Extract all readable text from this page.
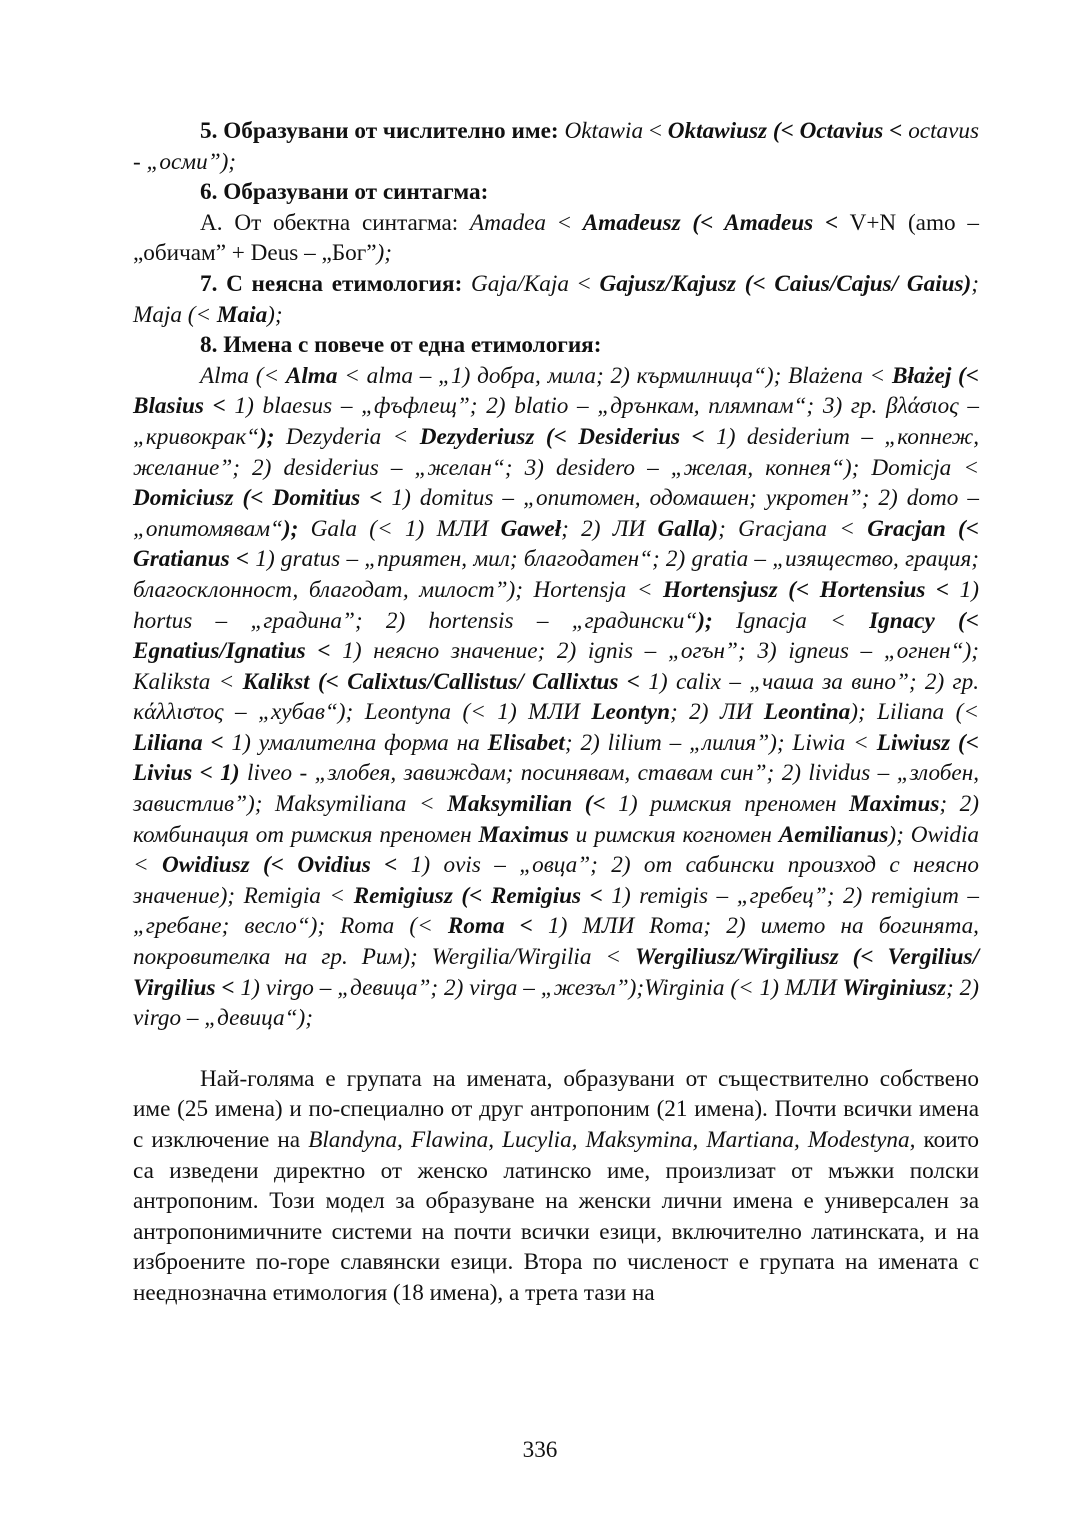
5. Образувани от числително име: Oktawia < Oktawiusz (< Octavius < octavus - „осми”);

6. Образувани от синтагма:

А. От обектна синтагма: Amadea < Amadeusz (< Amadeus < V+N (amo – „обичам” + Deus – „Бог”);

7. С неясна етимология: Gaja/Kaja < Gajusz/Kajusz (< Caius/Cajus/ Gaius); Maja (< Maia);

8. Имена с повече от една етимология:

Alma (< Alma < alma – „1) добра, мила; 2) кърмилница“); Blażena < Błażej (< Blasius < 1) blaesus – „фъфлещ”; 2) blatio – „дрънкам, плямпам“; 3) гр. βλάσιος – „кривокрак“); Dezyderia < Dezyderiusz (< Desiderius < 1) desiderium – „копнеж, желание”; 2) desiderius – „желан“; 3) desidero – „желая, копнея“); Domicja < Domiciusz (< Domitius < 1) domitus – „опитомен, одомашен; укротен”; 2) domo – „опитомявам“); Gala (< 1) МЛИ Gaweł; 2) ЛИ Galla); Gracjana < Gracjan (< Gratianus < 1) gratus – „приятен, мил; благодатен“; 2) gratia – „изящество, грация; благосклонност, благодат, милост”); Hortensja < Hortensjusz (< Hortensius < 1) hortus – „градина”; 2) hortensis – „градински“); Ignacja < Ignacy (< Egnatius/Ignatius < 1) неясно значение; 2) ignis – „огън”; 3) igneus – „огнен“); Kaliksta < Kalikst (< Calixtus/Callistus/ Callixtus < 1) calix – „чаша за вино”; 2) гр. κάλλιστος – „хубав“); Leontyna (< 1) МЛИ Leontyn; 2) ЛИ Leontina); Liliana (< Liliana < 1) умалителна форма на Elisabet; 2) lilium – „лилия”); Liwia < Liwiusz (< Livius < 1) liveo - „злобея, завиждам; посинявам, ставам син”; 2) lividus – „злобен, завистлив”); Maksymiliana < Maksymilian (< 1) римския преномен Maximus; 2) комбинация от римския преномен Maximus и римския когномен Aemilianus); Owidia < Owidiusz (< Ovidius < 1) ovis – „овца”; 2) от сабински произход с неясно значение); Remigia < Remigiusz (< Remigius < 1) remigis – „гребец”; 2) remigium – „гребане; весло“); Roma (< Roma < 1) МЛИ Roma; 2) името на богинята, покровителка на гр. Рим); Wergilia/Wirgilia < Wergiliusz/Wirgiliusz (< Vergilius/ Virgilius < 1) virgo – „девица”; 2) virga – „жезъл”);Wirginia (< 1) МЛИ Wirginiusz; 2) virgo – „девица“);

Най-голяма е групата на имената, образувани от съществително собствено име (25 имена) и по-специално от друг антропоним (21 имена). Почти всички имена с изключение на Blandyna, Flawina, Lucylia, Maksymina, Martiana, Modestyna, които са изведени директно от женско латинско име, произлизат от мъжки полски антропоним. Този модел за образуване на женски лични имена е универсален за антропонимичните системи на почти всички езици, включително латинската, и на изброените по-горе славянски езици. Втора по численост е групата на имената с нееднозначна етимология (18 имена), а трета тази на

336
